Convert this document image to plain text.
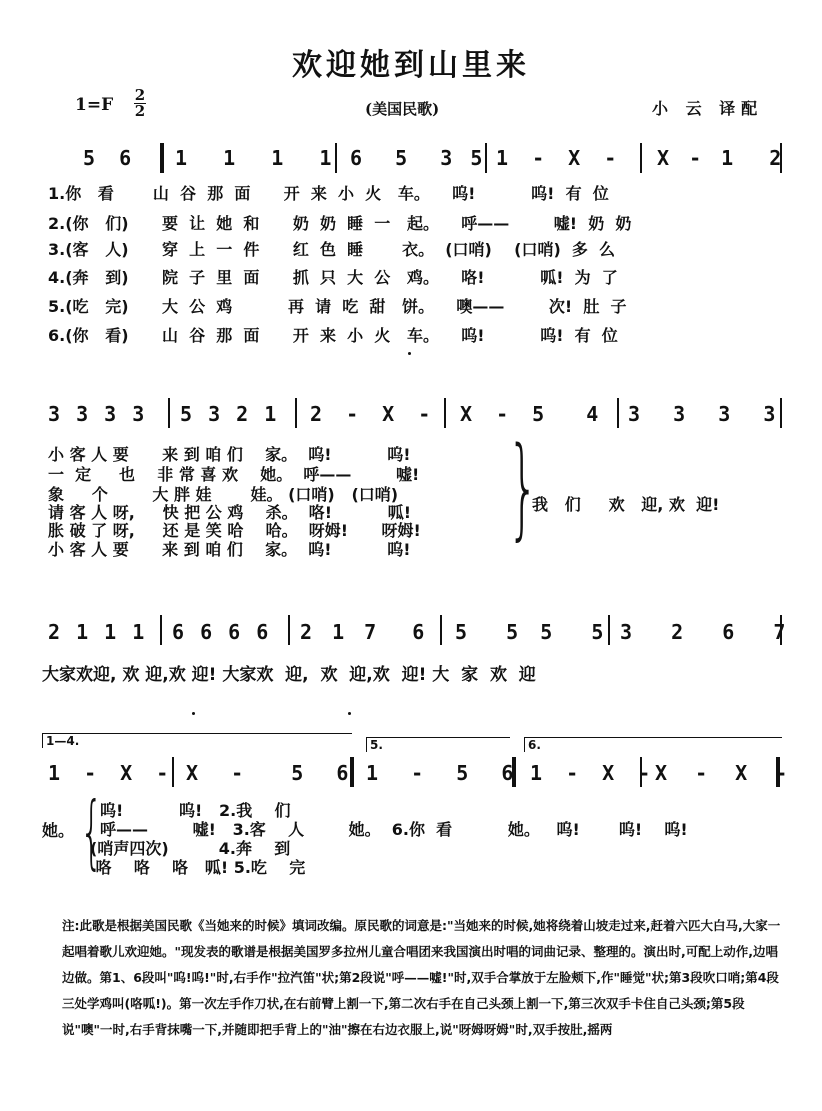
欢迎她到山里来
1=F 2
2	(美国民歌)	小 云 译配
5  6 1  1  1  1 6  5  3 5 1 - X - X - 1  2

1.你   看       山  谷  那  面      开  来  小  火   车。    呜!          呜!  有  位

2.(你   们)      要  让  她  和      奶  奶  睡  一   起。    呼——        嘘!  奶  奶

3.(客   人)      穿  上  一  件      红  色  睡       衣。  (口哨)    (口哨)  多  么

4.(奔   到)      院  子  里  面      抓  只  大  公   鸡。    咯!          呱!  为  了

5.(吃   完)      大  公  鸡          再  请  吃  甜   饼。    噢——        次!  肚  子

6.(你   看)      山  谷  那  面      开  来  小  火   车。    呜!          呜!  有  位

3 3 3 3 5 3 2 1 2 - X - X - 5  4 3  3  3  3

小 客 人 要      来 到 咱 们    家。  呜!          呜!

一  定     也    非 常 喜 欢    她。  呼——        嘘!

象     个        大 胖 娃       娃。 (口哨)   (口哨)

请 客 人 呀,     快 把 公 鸡    杀。  咯!          呱!

胀 破 了 呀,     还 是 笑 哈    哈。  呀姆!      呀姆!

小 客 人 要      来 到 咱 们    家。  呜!          呜!

我   们     欢   迎, 欢  迎!

}
2 1 1 1 6 6 6 6 2 1 7  6 5  5 5  5 3  2  6  7

大家欢迎, 欢 迎,欢 迎! 大家欢  迎,  欢  迎,欢  迎! 大  家  欢  迎

1—4.	5.	6.
1 - X - X  -   5  6 1  -  5  6 1 - X -
X - X -

她。

呜!          呜!   2.我    们

呼——        嘘!   3.客    人        她。  6.你  看          她。   呜!       呜!    呜!

(哨声四次)         4.奔    到

咯    咯    咯   呱! 5.吃    完

{
注:此歌是根据美国民歌《当她来的时候》填词改编。原民歌的词意是:"当她来的时候,她将绕着山坡走过来,赶着六匹大白马,大家一起唱着歌儿欢迎她。"现发表的歌谱是根据美国罗多拉州儿童合唱团来我国演出时唱的词曲记录、整理的。演出时,可配上动作,边唱边做。第1、6段叫"呜!呜!"时,右手作"拉汽笛"状;第2段说"呼——嘘!"时,双手合掌放于左脸颊下,作"睡觉"状;第3段吹口哨;第4段三处学鸡叫(咯呱!)。第一次左手作刀状,在右前臂上割一下,第二次右手在自己头颈上割一下,第三次双手卡住自己头颈;第5段说"噢"一时,右手背抹嘴一下,并随即把手背上的"油"擦在右边衣服上,说"呀姆呀姆"时,双手按肚,摇两
